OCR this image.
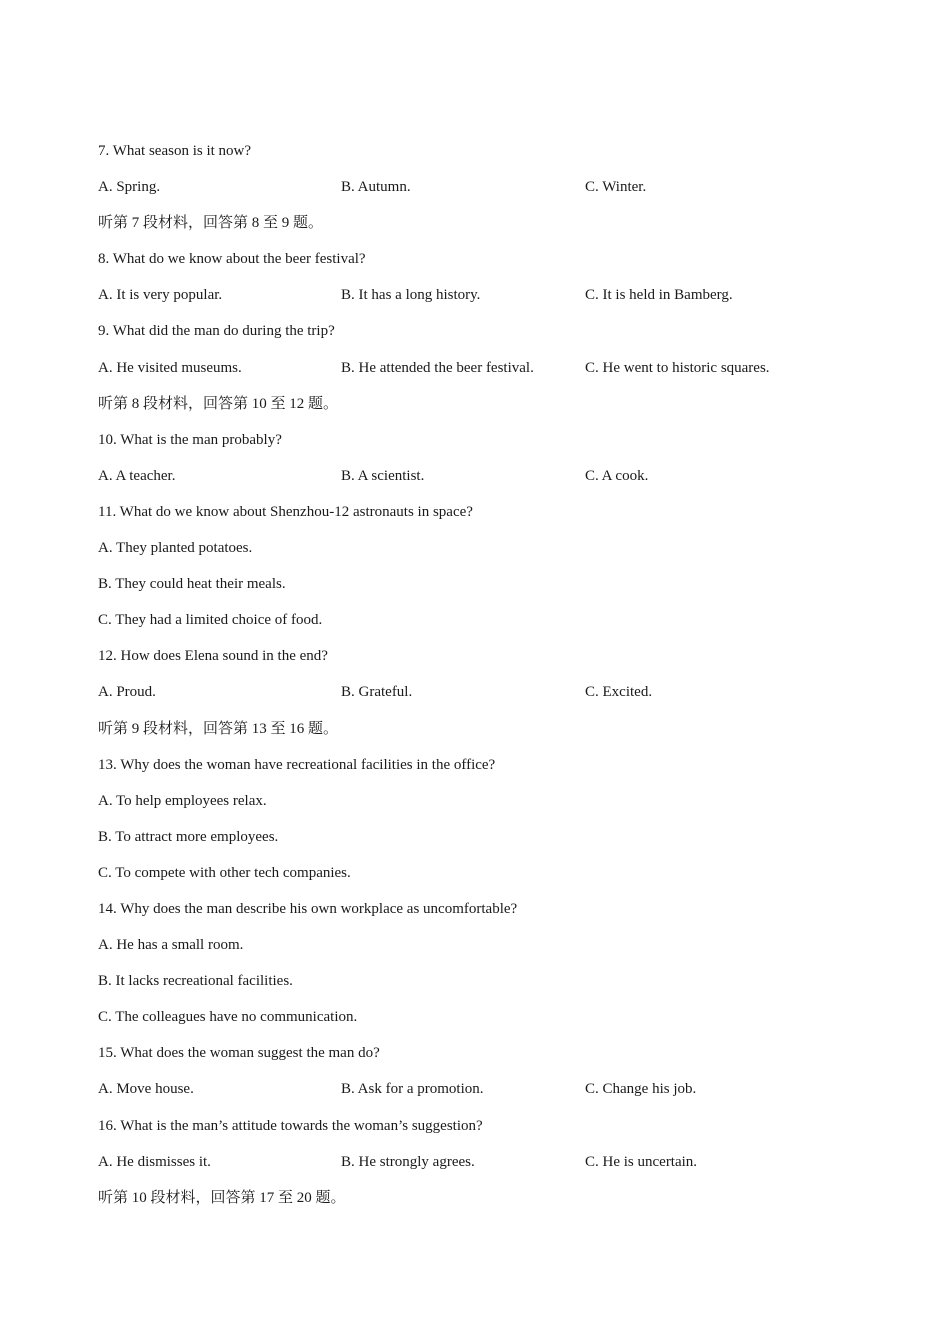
7. What season is it now?
A. Spring.	B. Autumn.	C. Winter.
听第 7 段材料，回答第 8 至 9 题。
8. What do we know about the beer festival?
A. It is very popular.	B. It has a long history.	C. It is held in Bamberg.
9. What did the man do during the trip?
A. He visited museums.	B. He attended the beer festival.	C. He went to historic squares.
听第 8 段材料，回答第 10 至 12 题。
10. What is the man probably?
A. A teacher.	B. A scientist.	C. A cook.
11. What do we know about Shenzhou-12 astronauts in space?
A. They planted potatoes.
B. They could heat their meals.
C. They had a limited choice of food.
12. How does Elena sound in the end?
A. Proud.	B. Grateful.	C. Excited.
听第 9 段材料，回答第 13 至 16 题。
13. Why does the woman have recreational facilities in the office?
A. To help employees relax.
B. To attract more employees.
C. To compete with other tech companies.
14. Why does the man describe his own workplace as uncomfortable?
A. He has a small room.
B. It lacks recreational facilities.
C. The colleagues have no communication.
15. What does the woman suggest the man do?
A. Move house.	B. Ask for a promotion.	C. Change his job.
16. What is the man’s attitude towards the woman’s suggestion?
A. He dismisses it.	B. He strongly agrees.	C. He is uncertain.
听第 10 段材料，回答第 17 至 20 题。
